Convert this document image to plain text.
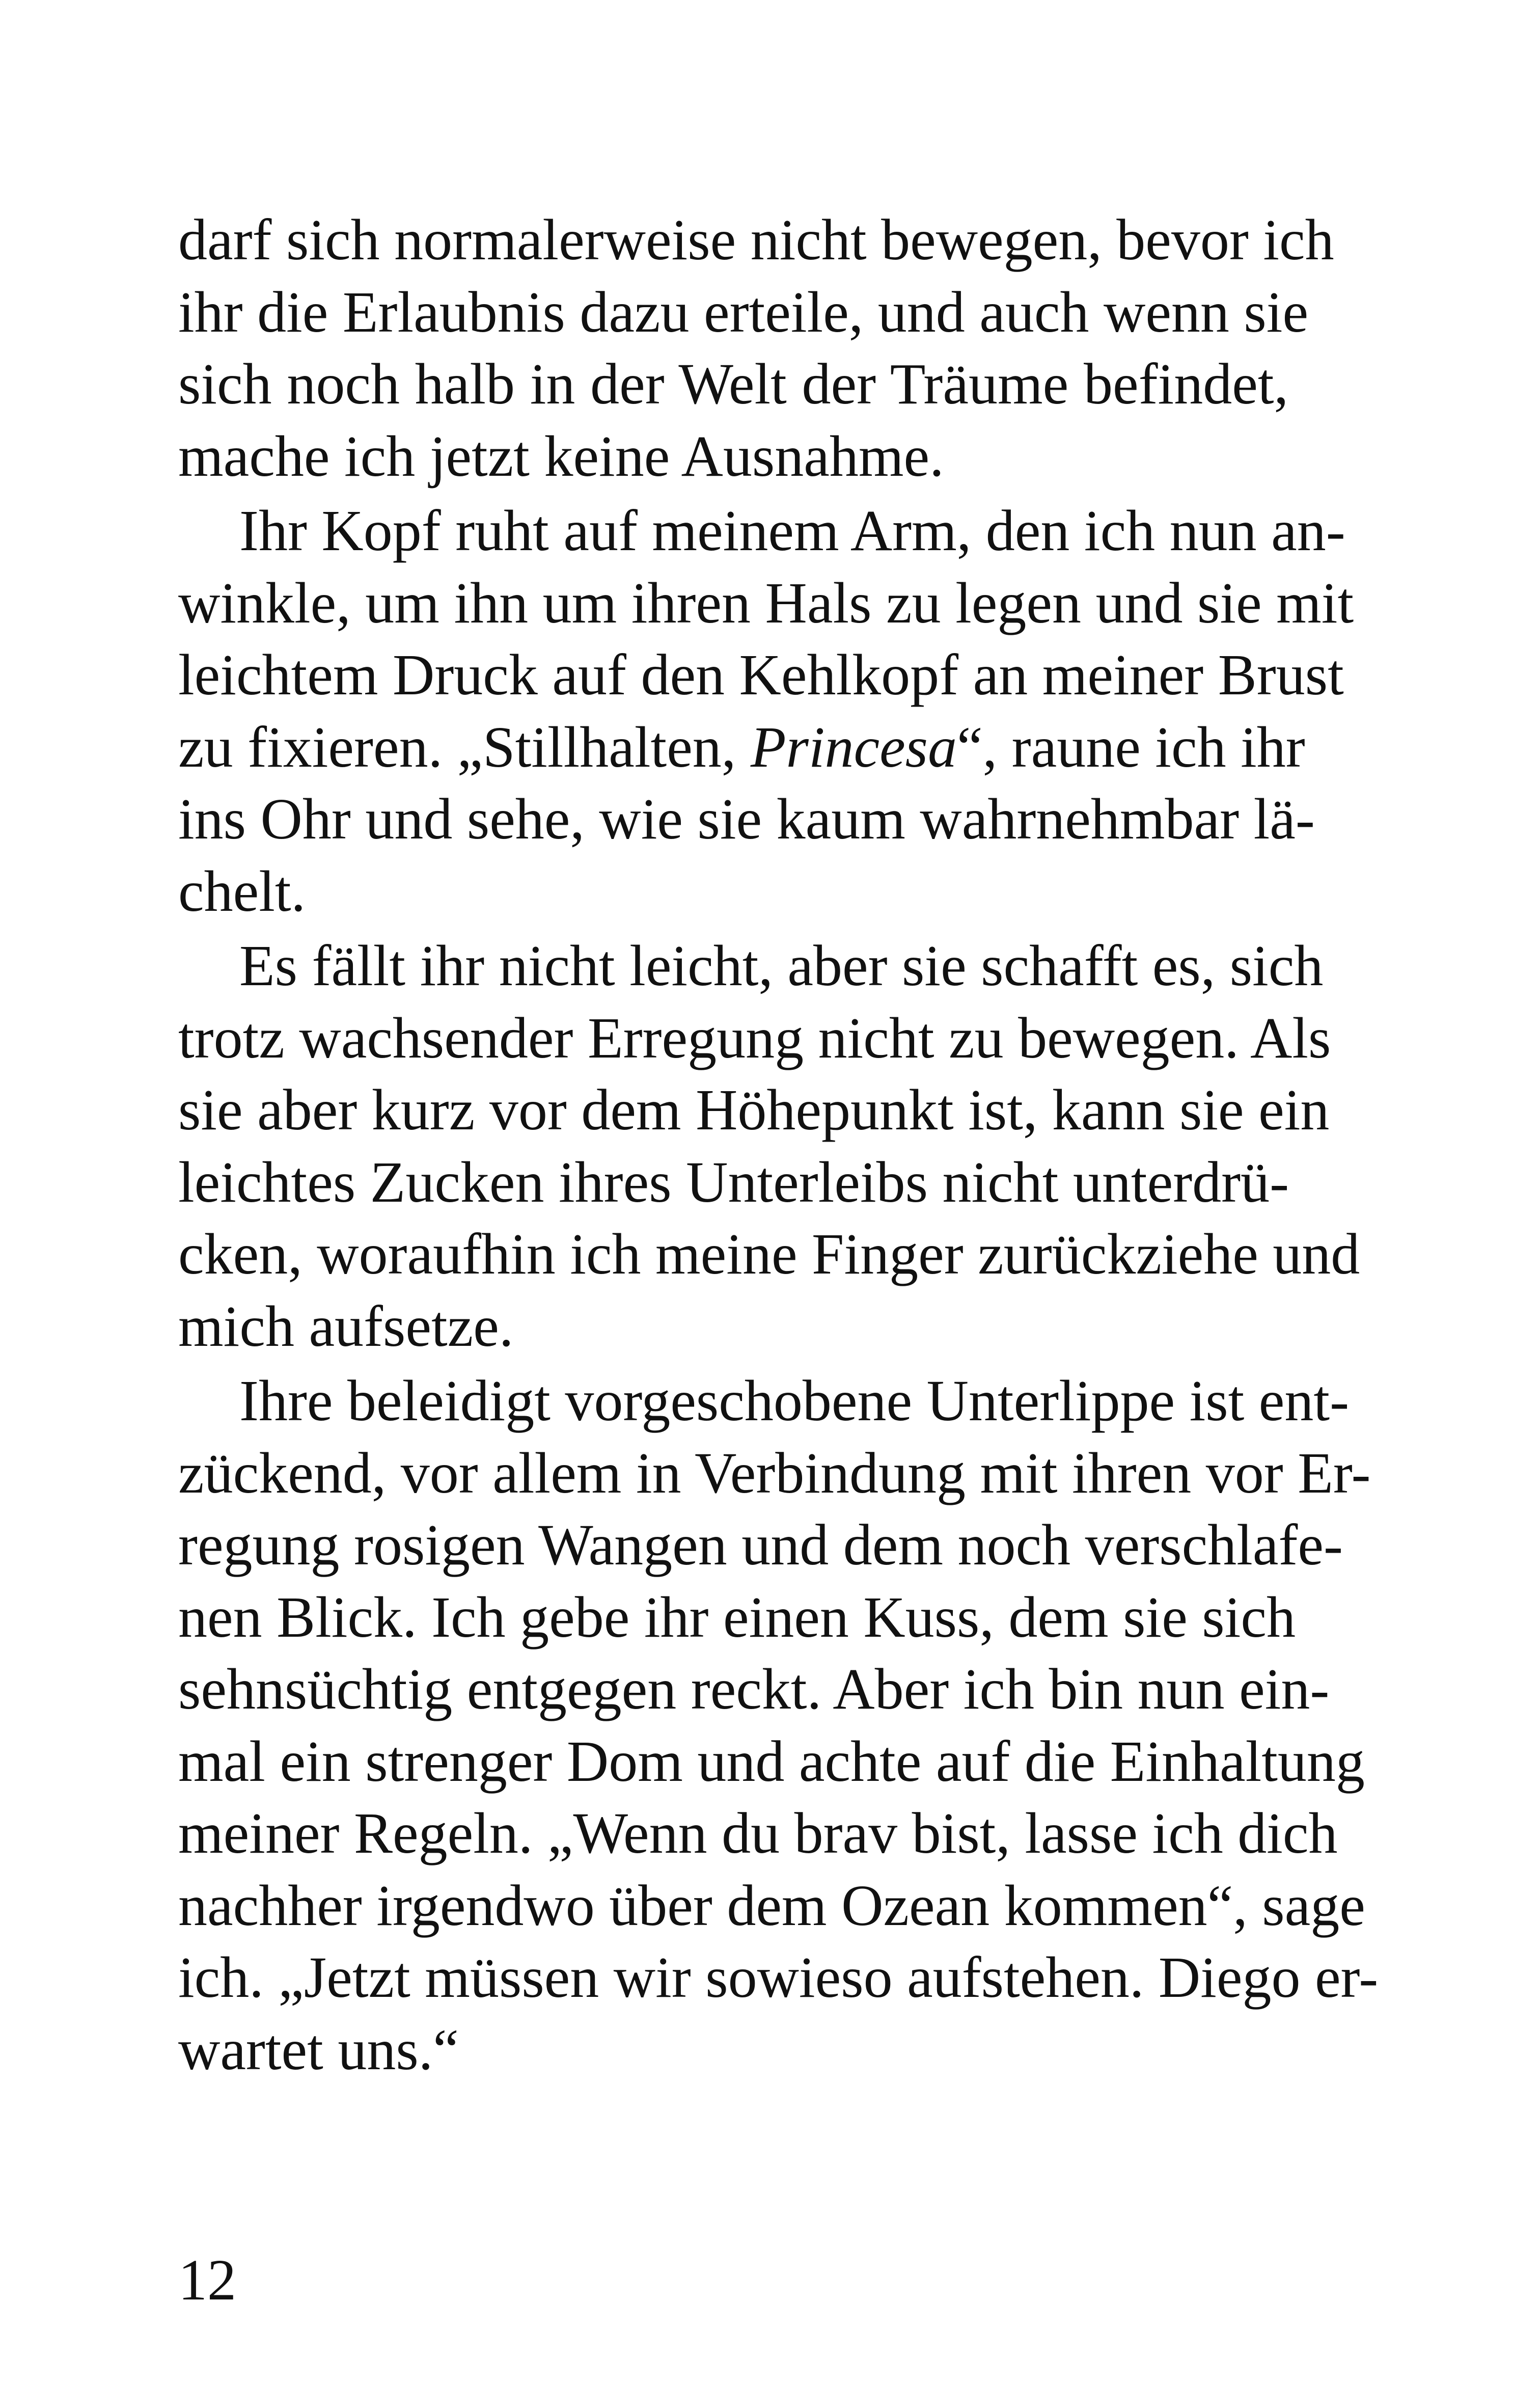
darf sich normalerweise nicht bewegen, bevor ich
ihr die Erlaubnis dazu erteile, und auch wenn sie
sich noch halb in der Welt der Träume befindet,
mache ich jetzt keine Ausnahme.
Ihr Kopf ruht auf meinem Arm, den ich nun an-
winkle, um ihn um ihren Hals zu legen und sie mit
leichtem Druck auf den Kehlkopf an meiner Brust
zu fixieren. „Stillhalten, Princesa“, raune ich ihr
ins Ohr und sehe, wie sie kaum wahrnehmbar lä-
chelt.
Es fällt ihr nicht leicht, aber sie schafft es, sich
trotz wachsender Erregung nicht zu bewegen. Als
sie aber kurz vor dem Höhepunkt ist, kann sie ein
leichtes Zucken ihres Unterleibs nicht unterdrü-
cken, woraufhin ich meine Finger zurückziehe und
mich aufsetze.
Ihre beleidigt vorgeschobene Unterlippe ist ent-
zückend, vor allem in Verbindung mit ihren vor Er-
regung rosigen Wangen und dem noch verschlafe-
nen Blick. Ich gebe ihr einen Kuss, dem sie sich
sehnsüchtig entgegen reckt. Aber ich bin nun ein-
mal ein strenger Dom und achte auf die Einhaltung
meiner Regeln. „Wenn du brav bist, lasse ich dich
nachher irgendwo über dem Ozean kommen“, sage
ich. „Jetzt müssen wir sowieso aufstehen. Diego er-
wartet uns.“
12
